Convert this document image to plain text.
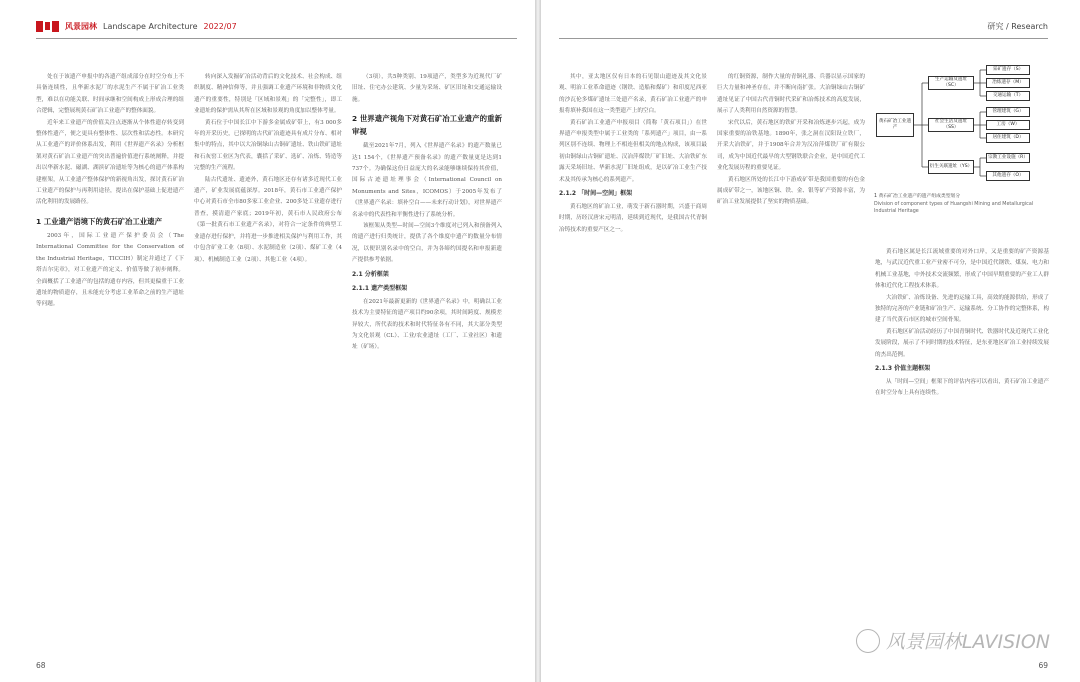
风景园林 Landscape Architecture 2022/07

处在于该遗产申报中的各遗产组成部分在时空分布上不具备连续性，且华新水泥厂的水泥生产不属于矿冶工业类型，难以在功能关联、时间承继和空间构成上形成合理的组合逻辑，完整展现黄石矿冶工业遗产的整体面貌。

近年来工业遗产的价值关注点逐渐从个体性遗存转变到整体性遗产，便之更具有整体性、层次性和活态性。本研究从工业遗产的评价体系出发，利用《世界遗产名录》分析框架对黄石矿冶工业遗产的突出普遍价值进行系统阐释，并提出以华新水泥、磁湖、湖滨矿冶遗址等为核心的遗产体系构建框架，从工业遗产整体保护的新视角出发，探讨黄石矿冶工业遗产的保护与再利用途径，提出在保护基础上促进遗产活化利用的发展路径。

1 工业遗产语境下的黄石矿冶工业遗产

2003年，国际工业遗产保护委员会（The International Committee for the Conservation of the Industrial Heritage，TICCIH）制定并通过了《下塔吉尔宪章》，对工业遗产的定义、价值等做了初步阐释。全面概括了工业遗产的包括的遗存内容，但其更偏重于工业遗址的物质遗存，且未能充分考虑工业革命之前的生产遗址等问题。

转向深入发掘矿冶活动背后的文化技术、社会构成、组织制度、精神信仰等，并且强调工业遗产环境和非物质文化遗产的重要性，特别是「区域和景观」的「完整性」，即工业遗址的保护需从其所在区域和景观的角度加以整体考量。

黄石位于中国长江中下游多金属成矿带上，有3 000多年的开采历史，已探明的古代矿冶遗迹具有成片分布、相对集中的特点，其中以大冶铜绿山古铜矿遗址、铁山铁矿遗址和石灰窑工业区为代表，囊括了采矿、选矿、冶炼、铸造等完整的生产流程。

陆古代遗址、遗迹外，黄石地区还存有诸多近现代工业遗产，矿业发展底蕴深厚。2018年，黄石市工业遗产保护中心对黄石市全市80多家工业企业、200多处工业遗存进行普查，摸清遗产家底；2019年初，黄石市人民政府公布《第一批黄石市工业遗产名录》，对符合一定条件的典型工业遗存进行保护，并将进一步推进相关保护与利用工作，其中包含矿业工业（8项）、水泥制造业（2项）、煤矿工业（4项）、机械制造工业（2项）、其他工业（4项）。

（3项），共5种类别、19项遗产，类型多为近现代厂矿旧址、住宅办公建筑、少量为采场、矿区旧址和交通运输设施。

2 世界遗产视角下对黄石矿冶工业遗产的重新审视

截至2021年7月，列入《世界遗产名录》的遗产数量已达1 154个，《世界遗产预备名录》的遗产数量更是达到1 737个。为确保这份日益庞大的名录能够继续保持其价值，国际古迹遗址理事会（International Council on Monuments and Sites，ICOMOS）于2005年发布了《世界遗产名录：填补空白——未来行动计划》，对世界遗产名录中的代表性和平衡性进行了系统分析。

该框架从类型—时间—空间3个维度对已列入和预备列入的遗产进行归类统计，提供了各个维度中遗产的数量分布情况，以便识别名录中的空白，并为各缔约国提名和申报新遗产提供参考依据。

2.1 分析框架
2.1.1 遗产类型框架

在2021年最新更新的《世界遗产名录》中，明确以工业技术为主要特征的遗产项目约90余项，其时间跨度、规模差异较大，所代表的技术和时代特征各有不同，其大部分类型为文化景观（CL）、工业/农业遗址（工厂、工业社区）和遗址（矿场）。

68
研究 / Research

其中，亚太地区仅有日本的石见银山遗迹及其文化景观、明治工业革命遗迹（钢铁、造船和煤矿）和印度尼西亚的沙瓦伦多煤矿遗址三处遗产名录，黄石矿冶工业遗产的申报将填补我国在这一类型遗产上的空白。

黄石矿冶工业遗产申报项目（简称「黄石项目」）在世界遗产申报类型中属于工业类的「系列遗产」项目，由一系列区别不连续、物理上不相连但相关的地点构成，该项目最初由铜绿山古铜矿遗址、汉冶萍煤铁厂矿旧址、大冶铁矿东露天采场旧址、华新水泥厂旧址组成，是以矿冶工业生产技术及其传承为核心的系列遗产。

2.1.2 「时间—空间」框架

黄石地区的矿冶工业，萌发于新石器时期，兴盛于商周时期，历经汉唐宋元明清，延续到近现代，是我国古代青铜冶铸技术的重要产区之一。

的红铜资源，制作大量的青铜礼器、兵器以显示国家的巨大力量和神圣存在，并不断向南扩张。大冶铜绿山古铜矿遗址见证了中国古代青铜时代采矿和冶炼技术的高度发展，展示了人类利用自然资源的智慧。

宋代以后，黄石地区的铁矿开采和冶炼逐步兴起，成为国家重要的冶铁基地。1890年，张之洞在汉阳设立铁厂，开采大冶铁矿，并于1908年合并为汉冶萍煤铁厂矿有限公司，成为中国近代最早的大型钢铁联合企业，是中国近代工业化发展历程的重要见证。

黄石地区所处的长江中下游成矿带是我国重要的有色金属成矿带之一，该地区铜、铁、金、银等矿产资源丰富，为矿冶工业发展提供了坚实的物质基础。

黄石矿冶工业遗产
生产运输及遗址（SC）
社会生活及遗址（SS）
衍生关联遗址（YS）
采矿遗存（S）
冶炼遗存（M）
交通运输（T）
管理建筑（G）
工房（W）
居住建筑（D）
宗教工业设施（R）
其他遗存（O）
1 黄石矿冶工业遗产的遗产组成类型划分
Division of component types of Huangshi Mining and Metallurgical Industrial Heritage

黄石地区属是长江流域重要的对外口岸，又是重要的矿产资源基地，与武汉近代重工业产业密不可分，是中国近代钢铁、煤炭、电力和机械工业基地，中外技术交流频繁，形成了中国早期重要的产业工人群体和近代化工程技术体系。

大冶铁矿、冶炼设备、先进的运输工具，高效的能源供给，形成了独特的完善的产业链和矿冶生产、运输系统、分工协作的完整体系，构建了当代黄石市区的城市空间骨架。

黄石地区矿冶活动经历了中国青铜时代、铁器时代及近现代工业化发展阶段，展示了不同时期的技术特征，是东亚地区矿冶工业持续发展的杰出范例。

2.1.3 价值主题框架

从「时间—空间」框架下的评估内容可以看出，黄石矿冶工业遗产在时空分布上具有连续性。

风景园林LAVISION
69
